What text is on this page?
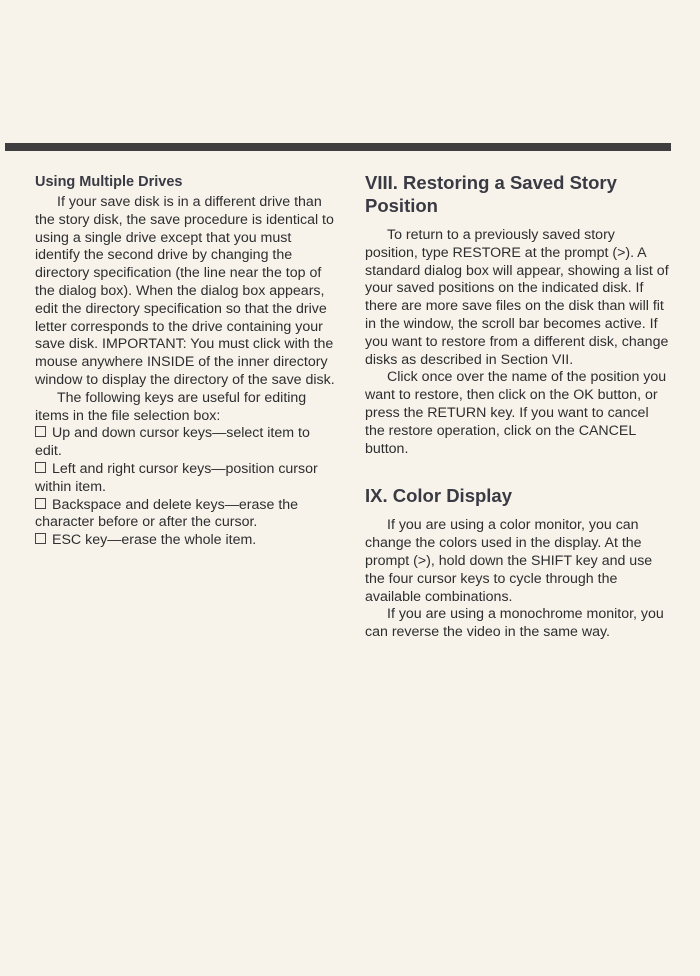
Using Multiple Drives

If your save disk is in a different drive than the story disk, the save procedure is identical to using a single drive except that you must identify the second drive by changing the directory specification (the line near the top of the dialog box). When the dialog box appears, edit the directory specification so that the drive letter corresponds to the drive containing your save disk. IMPORTANT: You must click with the mouse anywhere INSIDE of the inner directory window to display the directory of the save disk.

The following keys are useful for editing items in the file selection box:

Up and down cursor keys—select item to edit.

Left and right cursor keys—position cursor within item.

Backspace and delete keys—erase the character before or after the cursor.

ESC key—erase the whole item.

VIII. Restoring a Saved Story Position

To return to a previously saved story position, type RESTORE at the prompt (>). A standard dialog box will appear, showing a list of your saved positions on the indicated disk. If there are more save files on the disk than will fit in the window, the scroll bar becomes active. If you want to restore from a different disk, change disks as described in Section VII.

Click once over the name of the position you want to restore, then click on the OK button, or press the RETURN key. If you want to cancel the restore operation, click on the CANCEL button.

IX. Color Display

If you are using a color monitor, you can change the colors used in the display. At the prompt (>), hold down the SHIFT key and use the four cursor keys to cycle through the available combinations.

If you are using a monochrome monitor, you can reverse the video in the same way.
